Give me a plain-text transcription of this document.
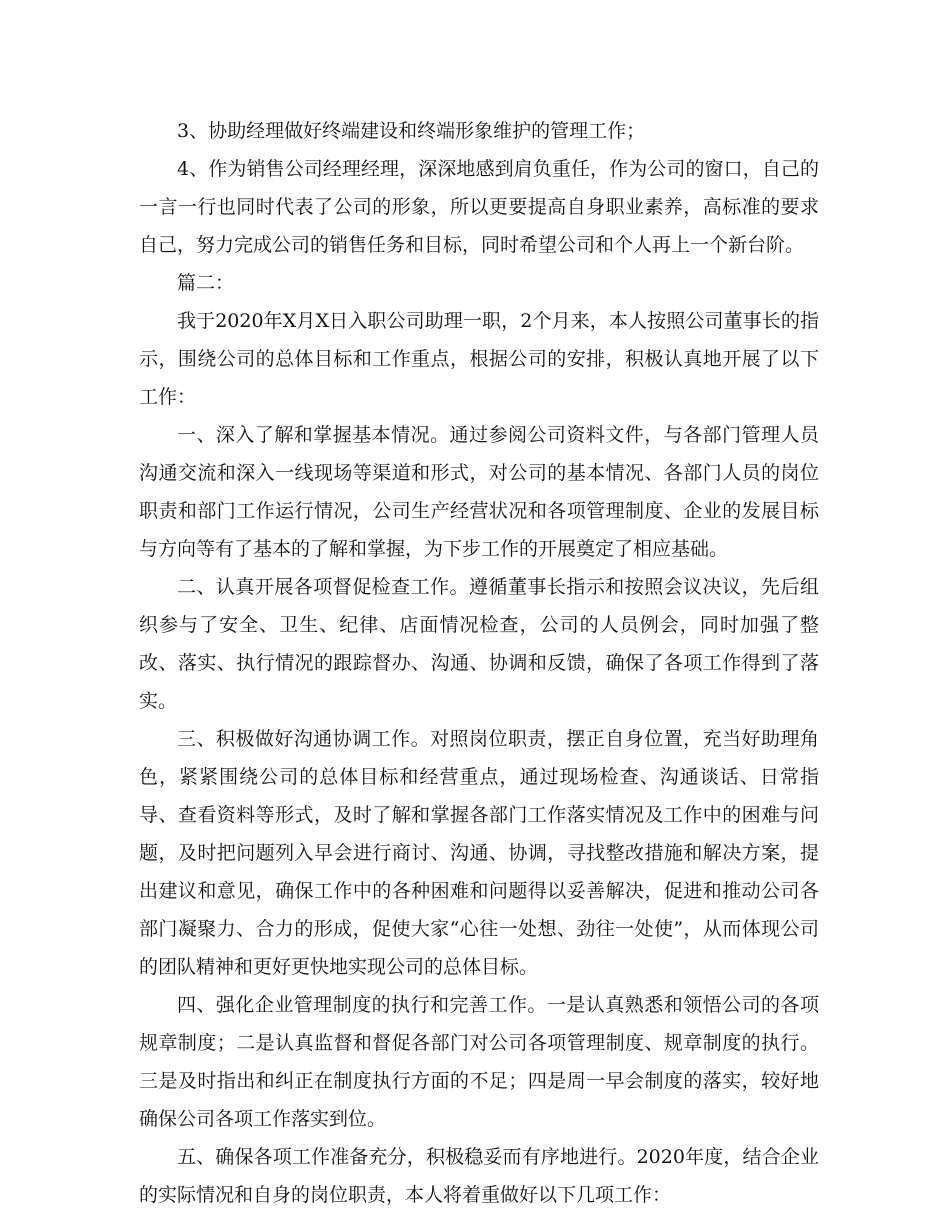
3、协助经理做好终端建设和终端形象维护的管理工作；

4、作为销售公司经理经理，深深地感到肩负重任，作为公司的窗口，自己的一言一行也同时代表了公司的形象，所以更要提高自身职业素养，高标准的要求自己，努力完成公司的销售任务和目标，同时希望公司和个人再上一个新台阶。

篇二：

我于2020年X月X日入职公司助理一职，2个月来，本人按照公司董事长的指示，围绕公司的总体目标和工作重点，根据公司的安排，积极认真地开展了以下工作：

一、深入了解和掌握基本情况。通过参阅公司资料文件，与各部门管理人员沟通交流和深入一线现场等渠道和形式，对公司的基本情况、各部门人员的岗位职责和部门工作运行情况，公司生产经营状况和各项管理制度、企业的发展目标与方向等有了基本的了解和掌握，为下步工作的开展奠定了相应基础。

二、认真开展各项督促检查工作。遵循董事长指示和按照会议决议，先后组织参与了安全、卫生、纪律、店面情况检查，公司的人员例会，同时加强了整改、落实、执行情况的跟踪督办、沟通、协调和反馈，确保了各项工作得到了落实。

三、积极做好沟通协调工作。对照岗位职责，摆正自身位置，充当好助理角色，紧紧围绕公司的总体目标和经营重点，通过现场检查、沟通谈话、日常指导、查看资料等形式，及时了解和掌握各部门工作落实情况及工作中的困难与问题，及时把问题列入早会进行商讨、沟通、协调，寻找整改措施和解决方案，提出建议和意见，确保工作中的各种困难和问题得以妥善解决，促进和推动公司各部门凝聚力、合力的形成，促使大家“心往一处想、劲往一处使”，从而体现公司的团队精神和更好更快地实现公司的总体目标。

四、强化企业管理制度的执行和完善工作。一是认真熟悉和领悟公司的各项规章制度；二是认真监督和督促各部门对公司各项管理制度、规章制度的执行。三是及时指出和纠正在制度执行方面的不足；四是周一早会制度的落实，较好地确保公司各项工作落实到位。

五、确保各项工作准备充分，积极稳妥而有序地进行。2020年度，结合企业的实际情况和自身的岗位职责，本人将着重做好以下几项工作：
